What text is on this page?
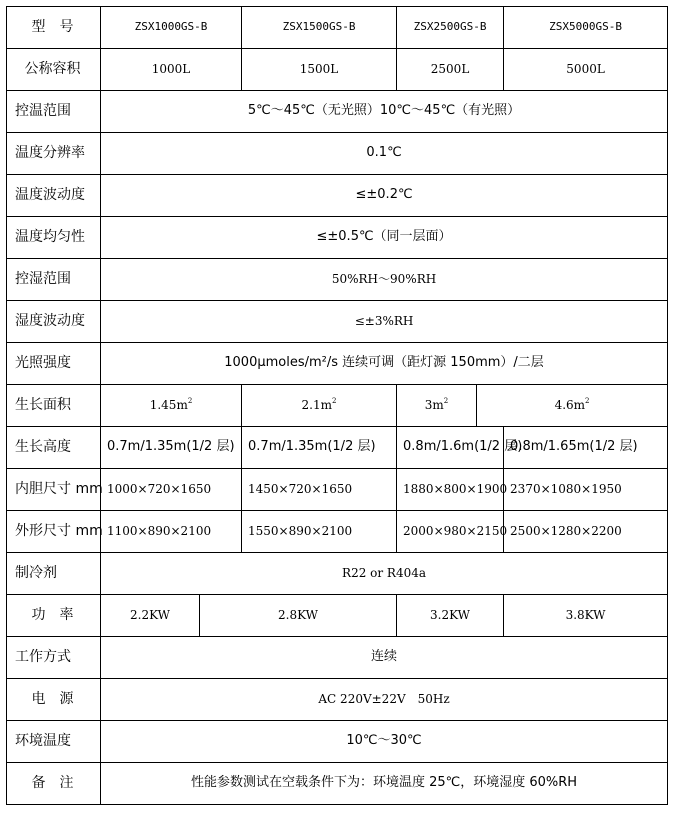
型　号	ZSX1000GS-B		ZSX1500GS-B	ZSX2500GS-B		ZSX5000GS-B
公称容积	1000L		1500L	2500L		5000L
控温范围	5℃～45℃（无光照）10℃～45℃（有光照）					
温度分辨率	0.1℃					
温度波动度	≤±0.2℃					
温度均匀性	≤±0.5℃（同一层面）					
控湿范围	50%RH～90%RH					
湿度波动度	≤±3%RH					
光照强度	1000μmoles/m²/s 连续可调（距灯源 150mm）/二层					
生长面积	$1.45m^2$		$2.1m^2$	$3m^2$	$4.6m^2$
生长高度	0.7m/1.35m(1/2 层)		0.7m/1.35m(1/2 层)	0.8m/1.6m(1/2 层)		0.8m/1.65m(1/2 层)
内胆尺寸 mm	1000×720×1650		1450×720×1650	1880×800×1900		2370×1080×1950
外形尺寸 mm	1100×890×2100		1550×890×2100	2000×980×2150		2500×1280×2200
制冷剂	R22 or R404a					
功　率	2.2KW	2.8KW		3.2KW		3.8KW
工作方式	连续					
电　源	AC 220V±22V　50Hz					
环境温度	10℃～30℃					
备　注	性能参数测试在空载条件下为：环境温度 25℃，环境湿度 60%RH					
